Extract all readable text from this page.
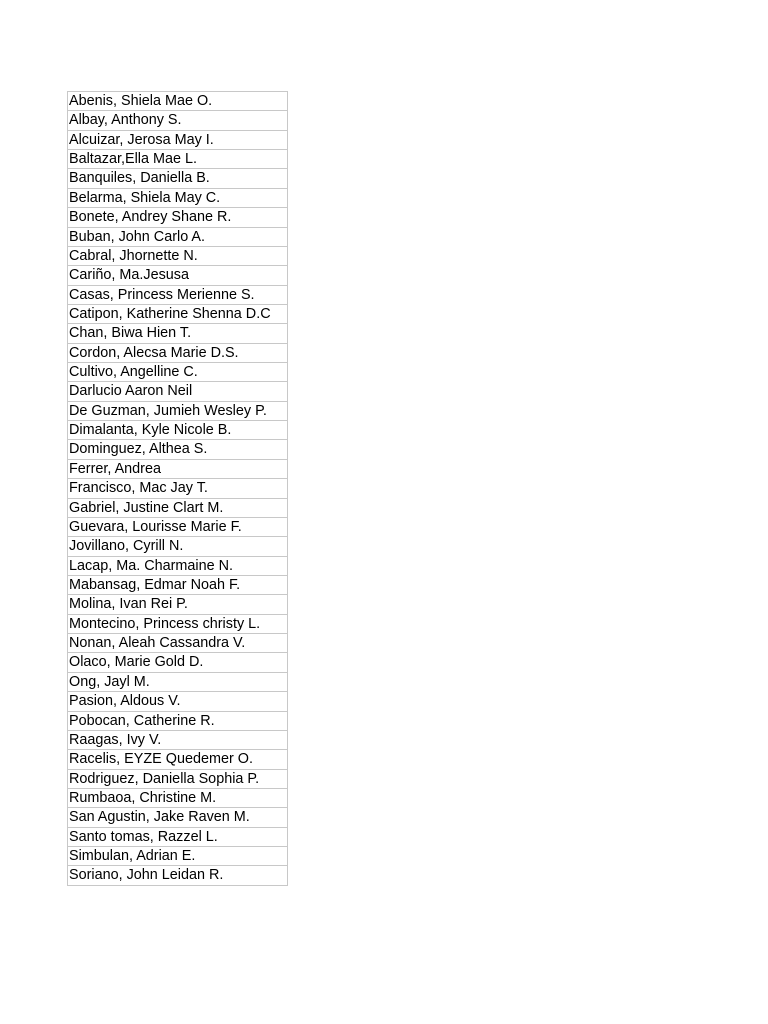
Abenis, Shiela Mae O.
Albay, Anthony S.
Alcuizar, Jerosa May I.
Baltazar,Ella Mae L.
Banquiles, Daniella B.
Belarma, Shiela May C.
Bonete, Andrey Shane R.
Buban, John Carlo A.
Cabral, Jhornette N.
Cariño, Ma.Jesusa
Casas, Princess Merienne S.
Catipon, Katherine Shenna D.C
Chan, Biwa Hien T.
Cordon, Alecsa Marie D.S.
Cultivo, Angelline C.
Darlucio Aaron Neil
De Guzman, Jumieh Wesley P.
Dimalanta, Kyle Nicole B.
Dominguez, Althea S.
Ferrer, Andrea
Francisco, Mac Jay T.
Gabriel, Justine Clart M.
Guevara, Lourisse Marie F.
Jovillano, Cyrill N.
Lacap, Ma. Charmaine N.
Mabansag, Edmar Noah F.
Molina, Ivan Rei P.
Montecino, Princess christy L.
Nonan, Aleah Cassandra V.
Olaco, Marie Gold D.
Ong, Jayl M.
Pasion, Aldous V.
Pobocan, Catherine R.
Raagas, Ivy V.
Racelis, EYZE Quedemer O.
Rodriguez, Daniella Sophia P.
Rumbaoa, Christine M.
San Agustin, Jake Raven M.
Santo tomas, Razzel L.
Simbulan, Adrian E.
Soriano, John Leidan R.
